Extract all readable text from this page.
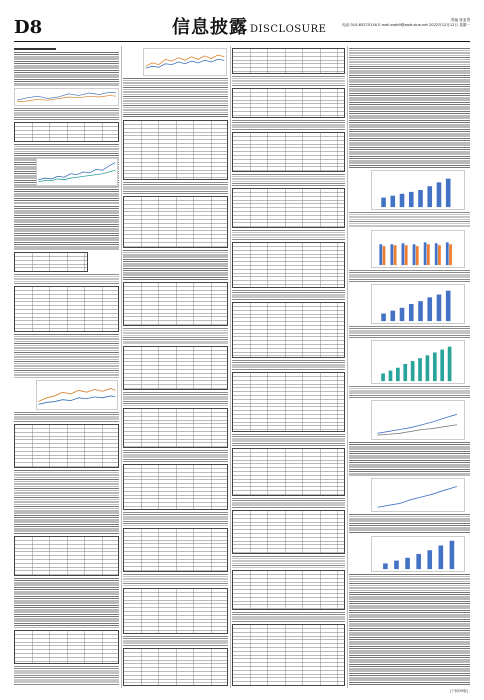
D8	信息披露 DISCLOSURE
责编 张亚男
电话 010-65275116 E-mail:zqrb9@zqrb.sina.net 2022年12月12日 星期一
(下转D9版)
